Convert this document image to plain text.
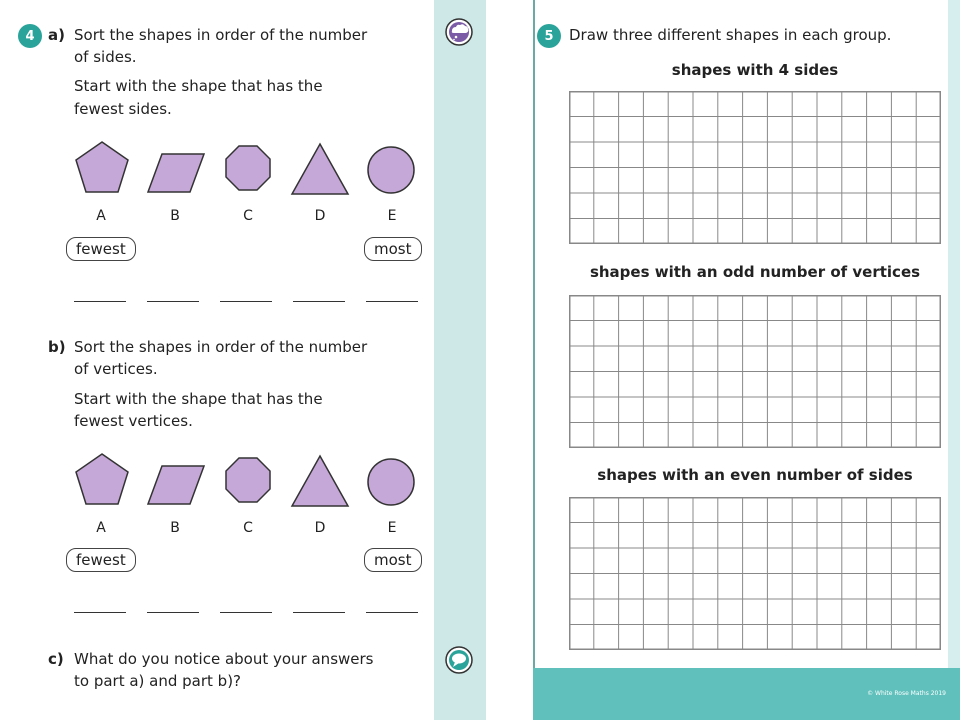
© White Rose Maths 2019
4 a) Sort the shapes in order of the number
of sides.
Start with the shape that has the
fewest sides.
A	B	C	D	E
fewest	most
b) Sort the shapes in order of the number
of vertices.
Start with the shape that has the
fewest vertices.
A	B	C	D	E
fewest	most
c) What do you notice about your answers
to part a) and part b)?
5	Draw three different shapes in each group.
shapes with 4 sides
shapes with an odd number of vertices
shapes with an even number of sides
